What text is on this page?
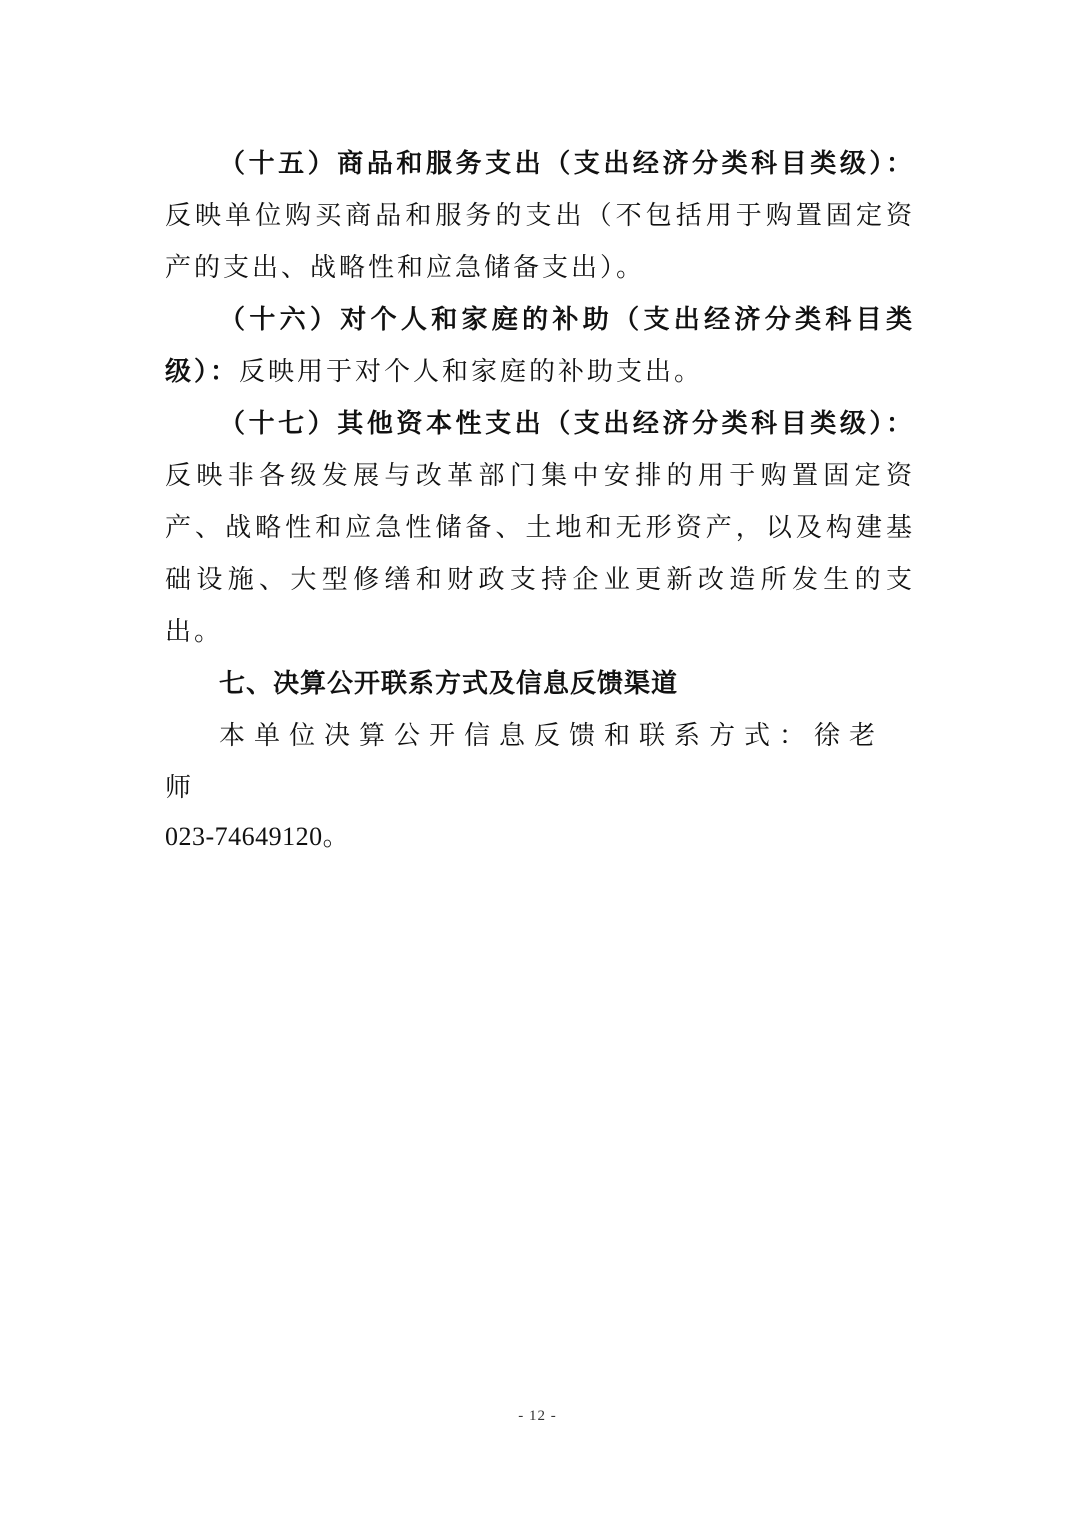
（十五）商品和服务支出（支出经济分类科目类级）：反映单位购买商品和服务的支出（不包括用于购置固定资产的支出、战略性和应急储备支出）。

（十六）对个人和家庭的补助（支出经济分类科目类级）：反映用于对个人和家庭的补助支出。

（十七）其他资本性支出（支出经济分类科目类级）：反映非各级发展与改革部门集中安排的用于购置固定资产、战略性和应急性储备、土地和无形资产，以及构建基础设施、大型修缮和财政支持企业更新改造所发生的支出。

七、决算公开联系方式及信息反馈渠道

本单位决算公开信息反馈和联系方式：徐老师

023-74649120。

- 12 -
